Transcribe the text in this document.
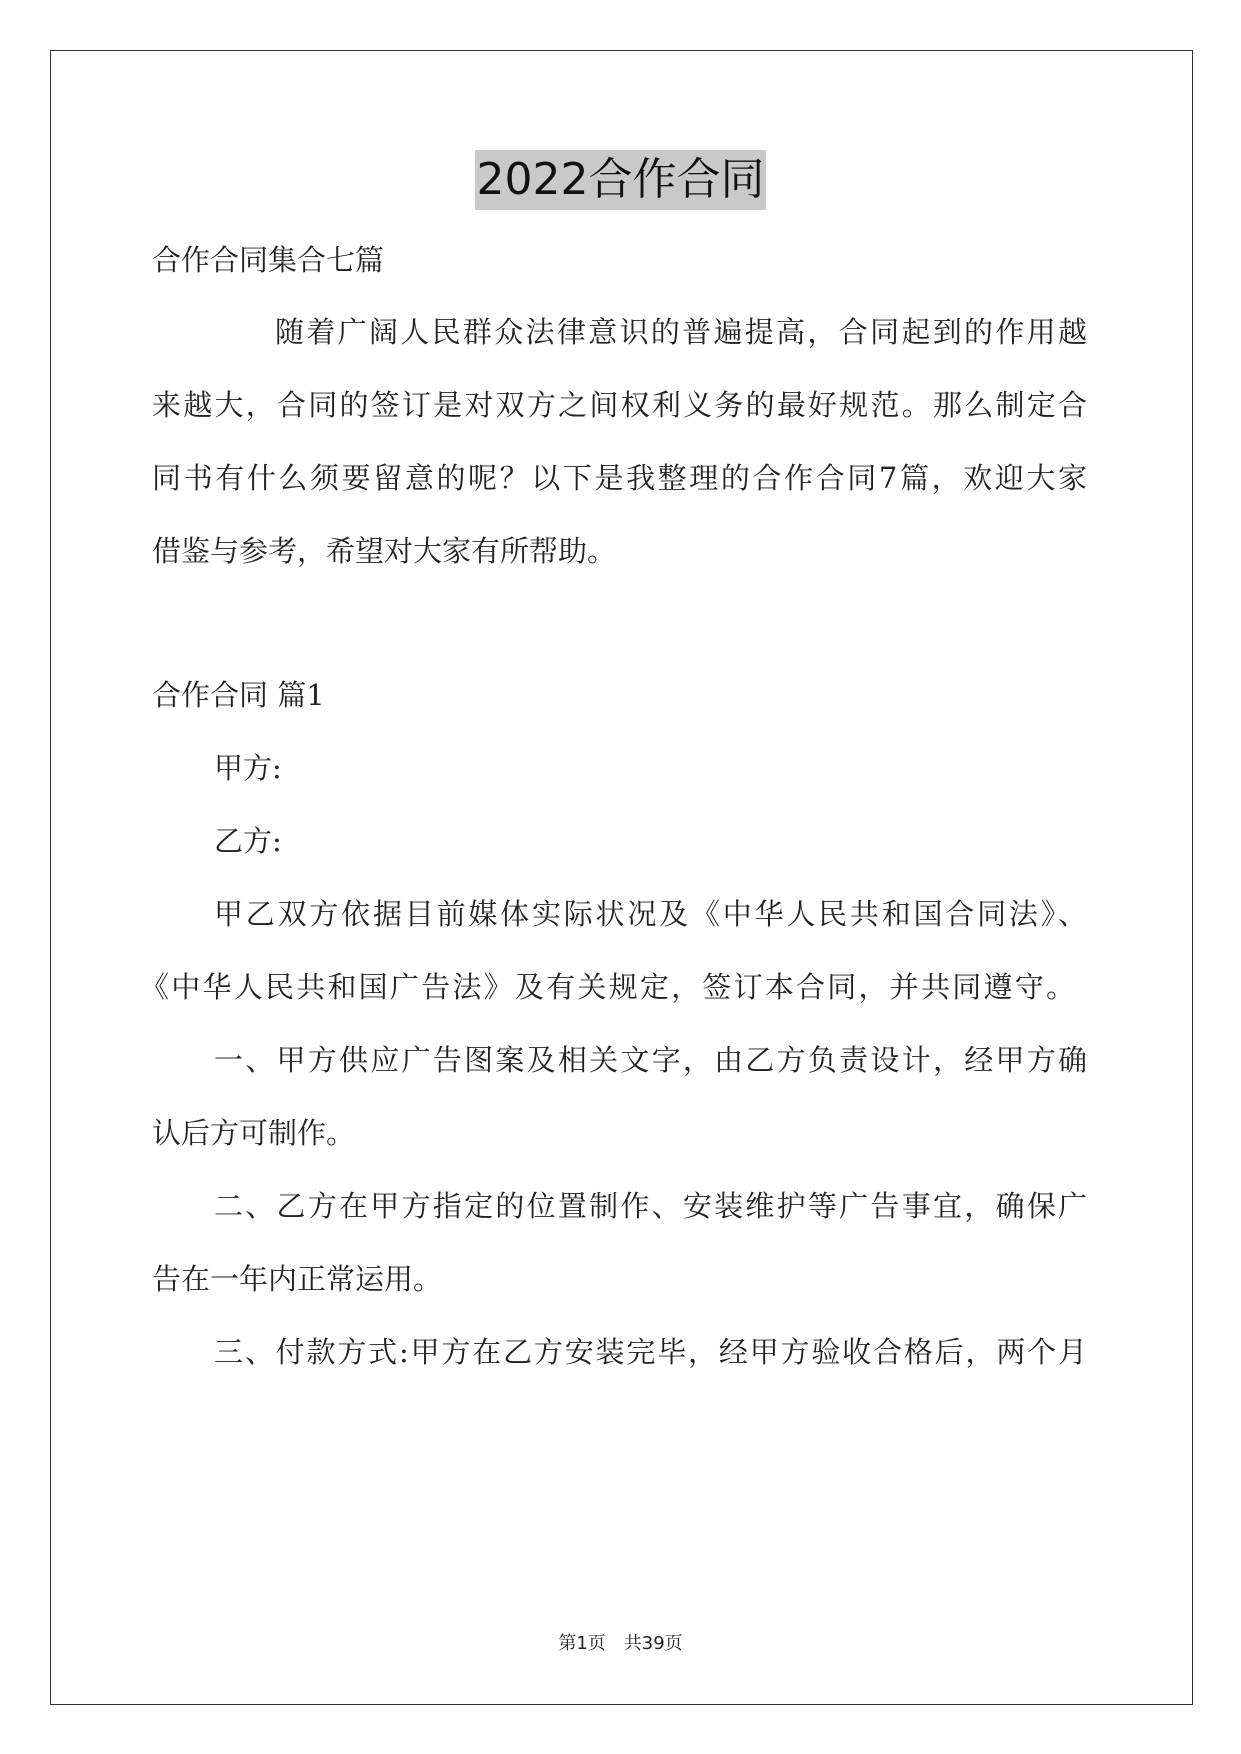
2022合作合同
合作合同集合七篇
随着广阔人民群众法律意识的普遍提高，合同起到的作用越
来越大，合同的签订是对双方之间权利义务的最好规范。那么制定合
同书有什么须要留意的呢？以下是我整理的合作合同7篇，欢迎大家
借鉴与参考，希望对大家有所帮助。
合作合同 篇1
甲方:
乙方:
甲乙双方依据目前媒体实际状况及《中华人民共和国合同法》、
《中华人民共和国广告法》及有关规定，签订本合同，并共同遵守。
一、甲方供应广告图案及相关文字，由乙方负责设计，经甲方确
认后方可制作。
二、乙方在甲方指定的位置制作、安装维护等广告事宜，确保广
告在一年内正常运用。
三、付款方式:甲方在乙方安装完毕，经甲方验收合格后，两个月
第1页　共39页
